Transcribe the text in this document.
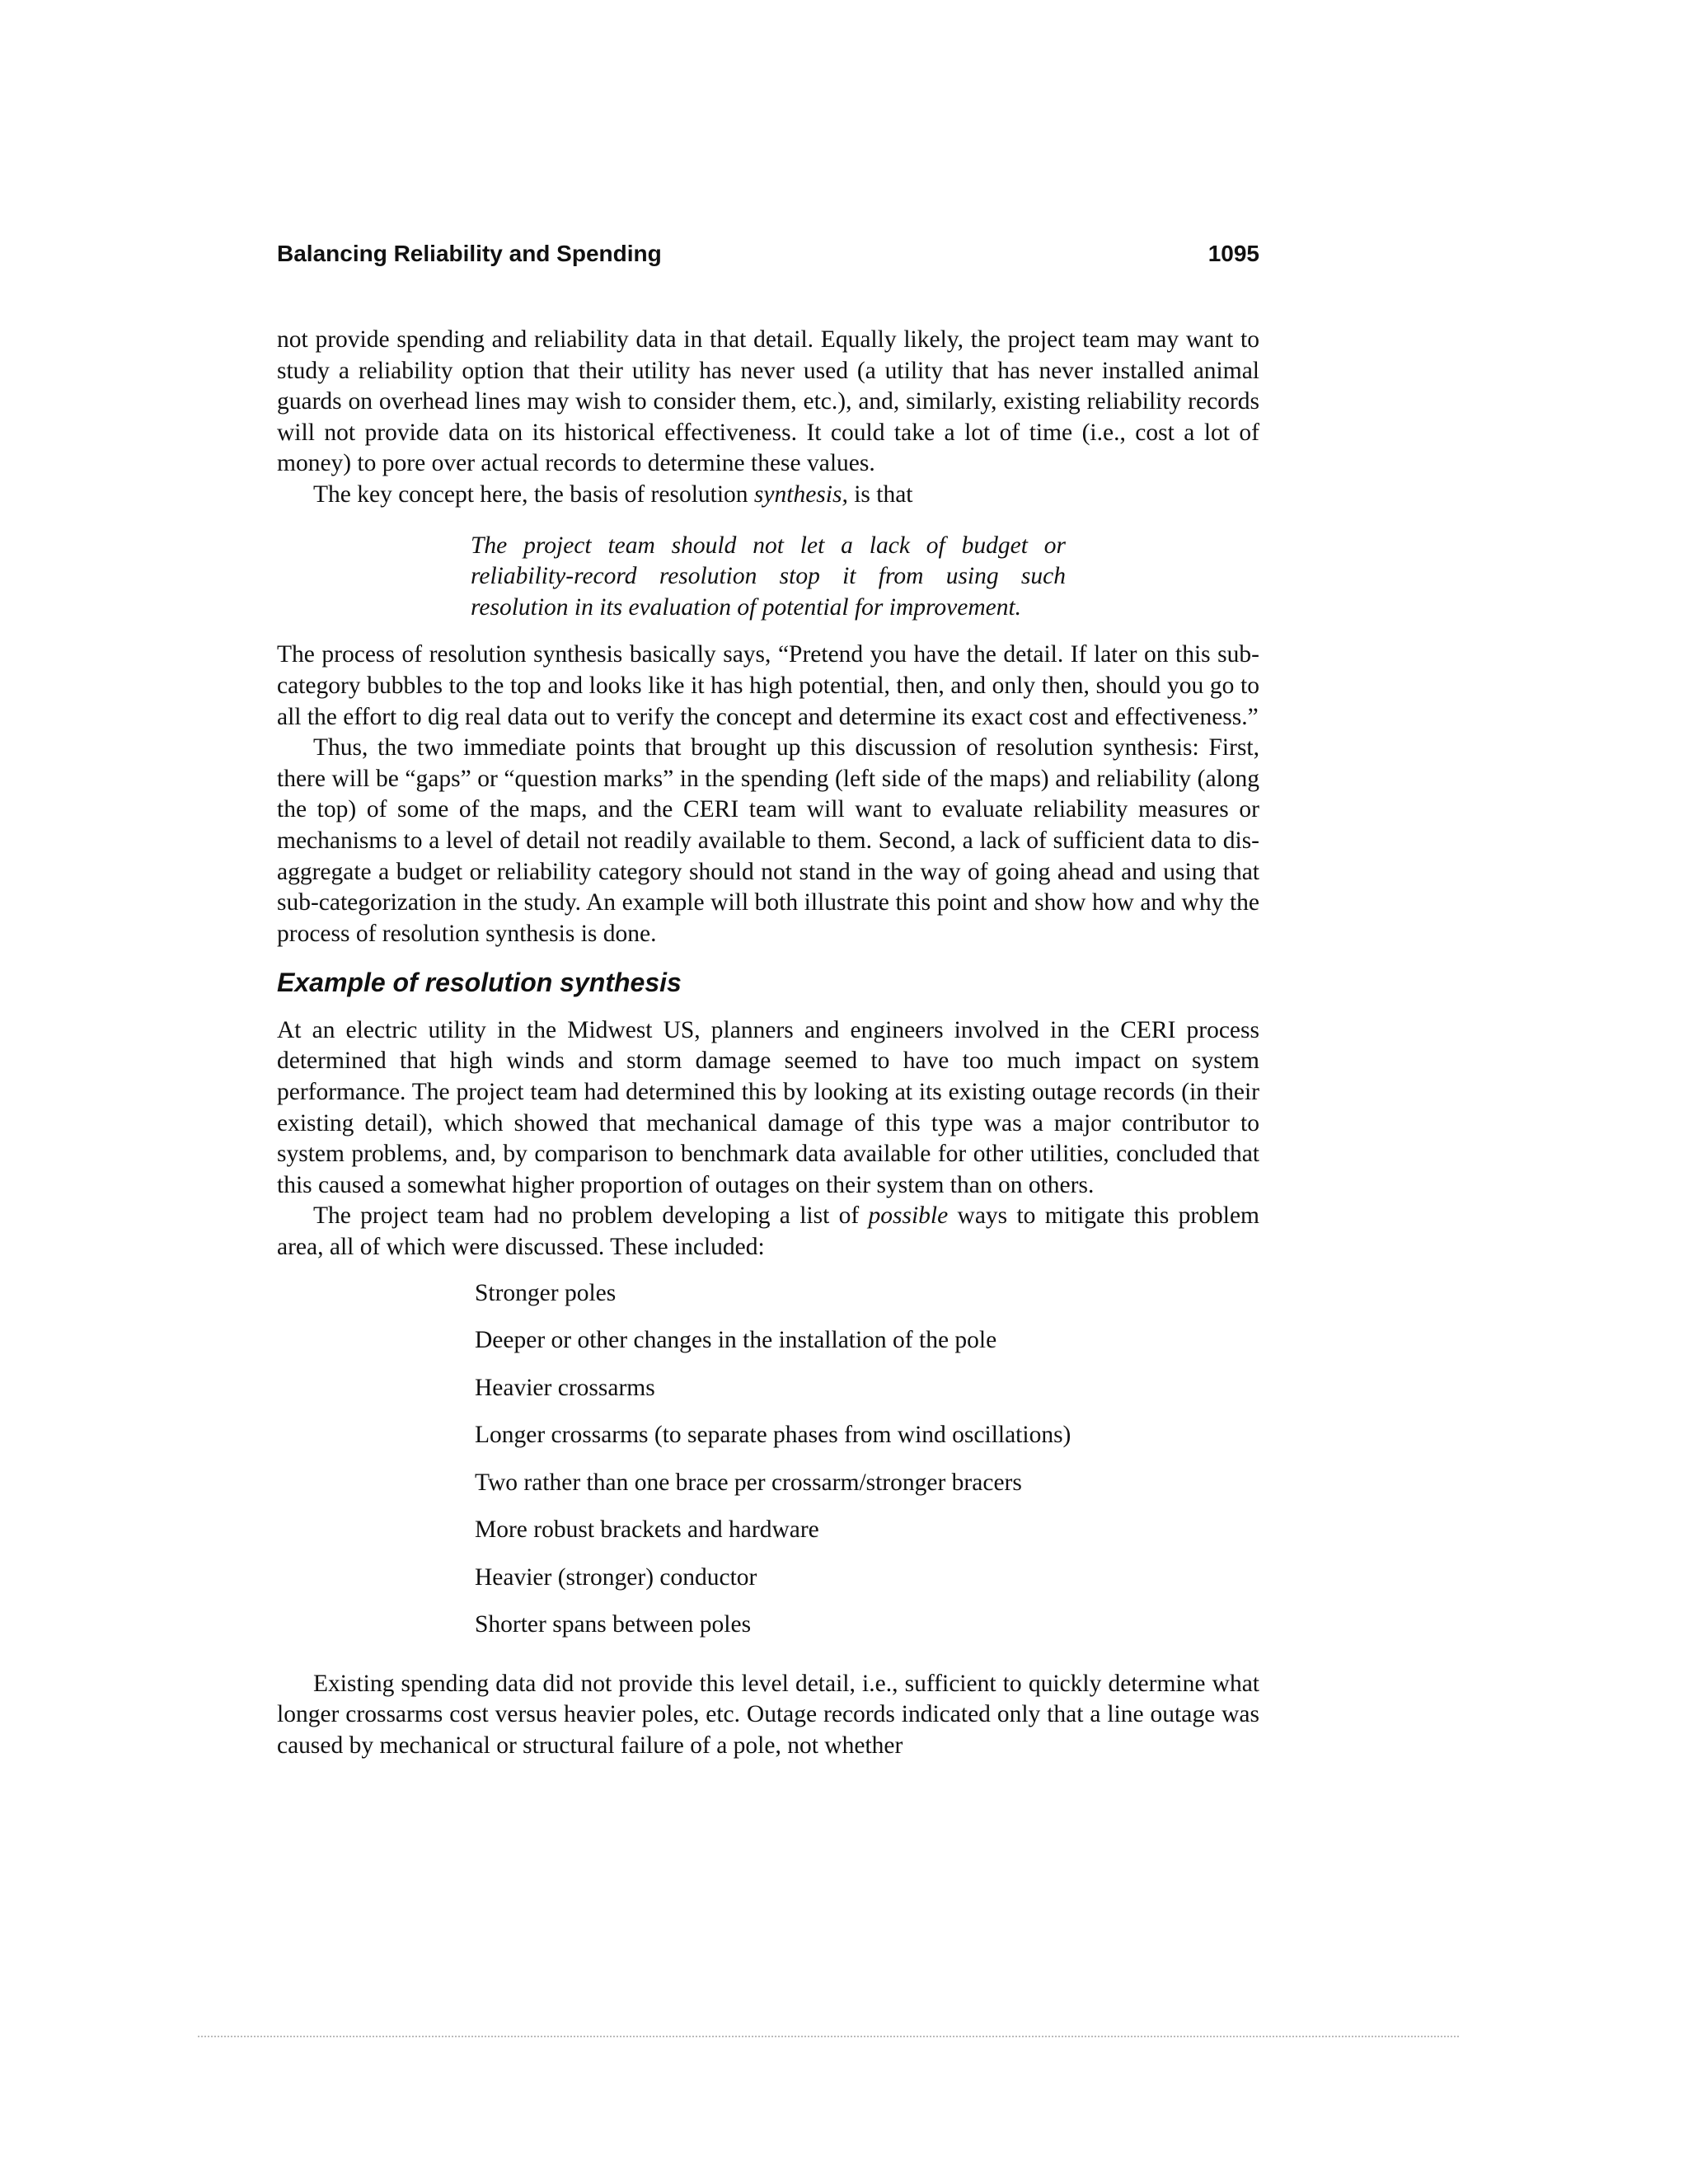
Balancing Reliability and Spending	1095

not provide spending and reliability data in that detail. Equally likely, the project team may want to study a reliability option that their utility has never used (a utility that has never installed animal guards on overhead lines may wish to consider them, etc.), and, similarly, existing reliability records will not provide data on its historical effectiveness. It could take a lot of time (i.e., cost a lot of money) to pore over actual records to determine these values.

The key concept here, the basis of resolution synthesis, is that

The project team should not let a lack of budget or reliability-record resolution stop it from using such resolution in its evaluation of potential for improvement.

The process of resolution synthesis basically says, “Pretend you have the detail. If later on this sub-category bubbles to the top and looks like it has high potential, then, and only then, should you go to all the effort to dig real data out to verify the concept and determine its exact cost and effectiveness.”

Thus, the two immediate points that brought up this discussion of resolution synthesis: First, there will be “gaps” or “question marks” in the spending (left side of the maps) and reliability (along the top) of some of the maps, and the CERI team will want to evaluate reliability measures or mechanisms to a level of detail not readily available to them. Second, a lack of sufficient data to dis-aggregate a budget or reliability category should not stand in the way of going ahead and using that sub-categorization in the study. An example will both illustrate this point and show how and why the process of resolution synthesis is done.

Example of resolution synthesis

At an electric utility in the Midwest US, planners and engineers involved in the CERI process determined that high winds and storm damage seemed to have too much impact on system performance. The project team had determined this by looking at its existing outage records (in their existing detail), which showed that mechanical damage of this type was a major contributor to system problems, and, by comparison to benchmark data available for other utilities, concluded that this caused a somewhat higher proportion of outages on their system than on others.

The project team had no problem developing a list of possible ways to mitigate this problem area, all of which were discussed. These included:

Stronger poles
Deeper or other changes in the installation of the pole
Heavier crossarms
Longer crossarms (to separate phases from wind oscillations)
Two rather than one brace per crossarm/stronger bracers
More robust brackets and hardware
Heavier (stronger) conductor
Shorter spans between poles

Existing spending data did not provide this level detail, i.e., sufficient to quickly determine what longer crossarms cost versus heavier poles, etc. Outage records indicated only that a line outage was caused by mechanical or structural failure of a pole, not whether
